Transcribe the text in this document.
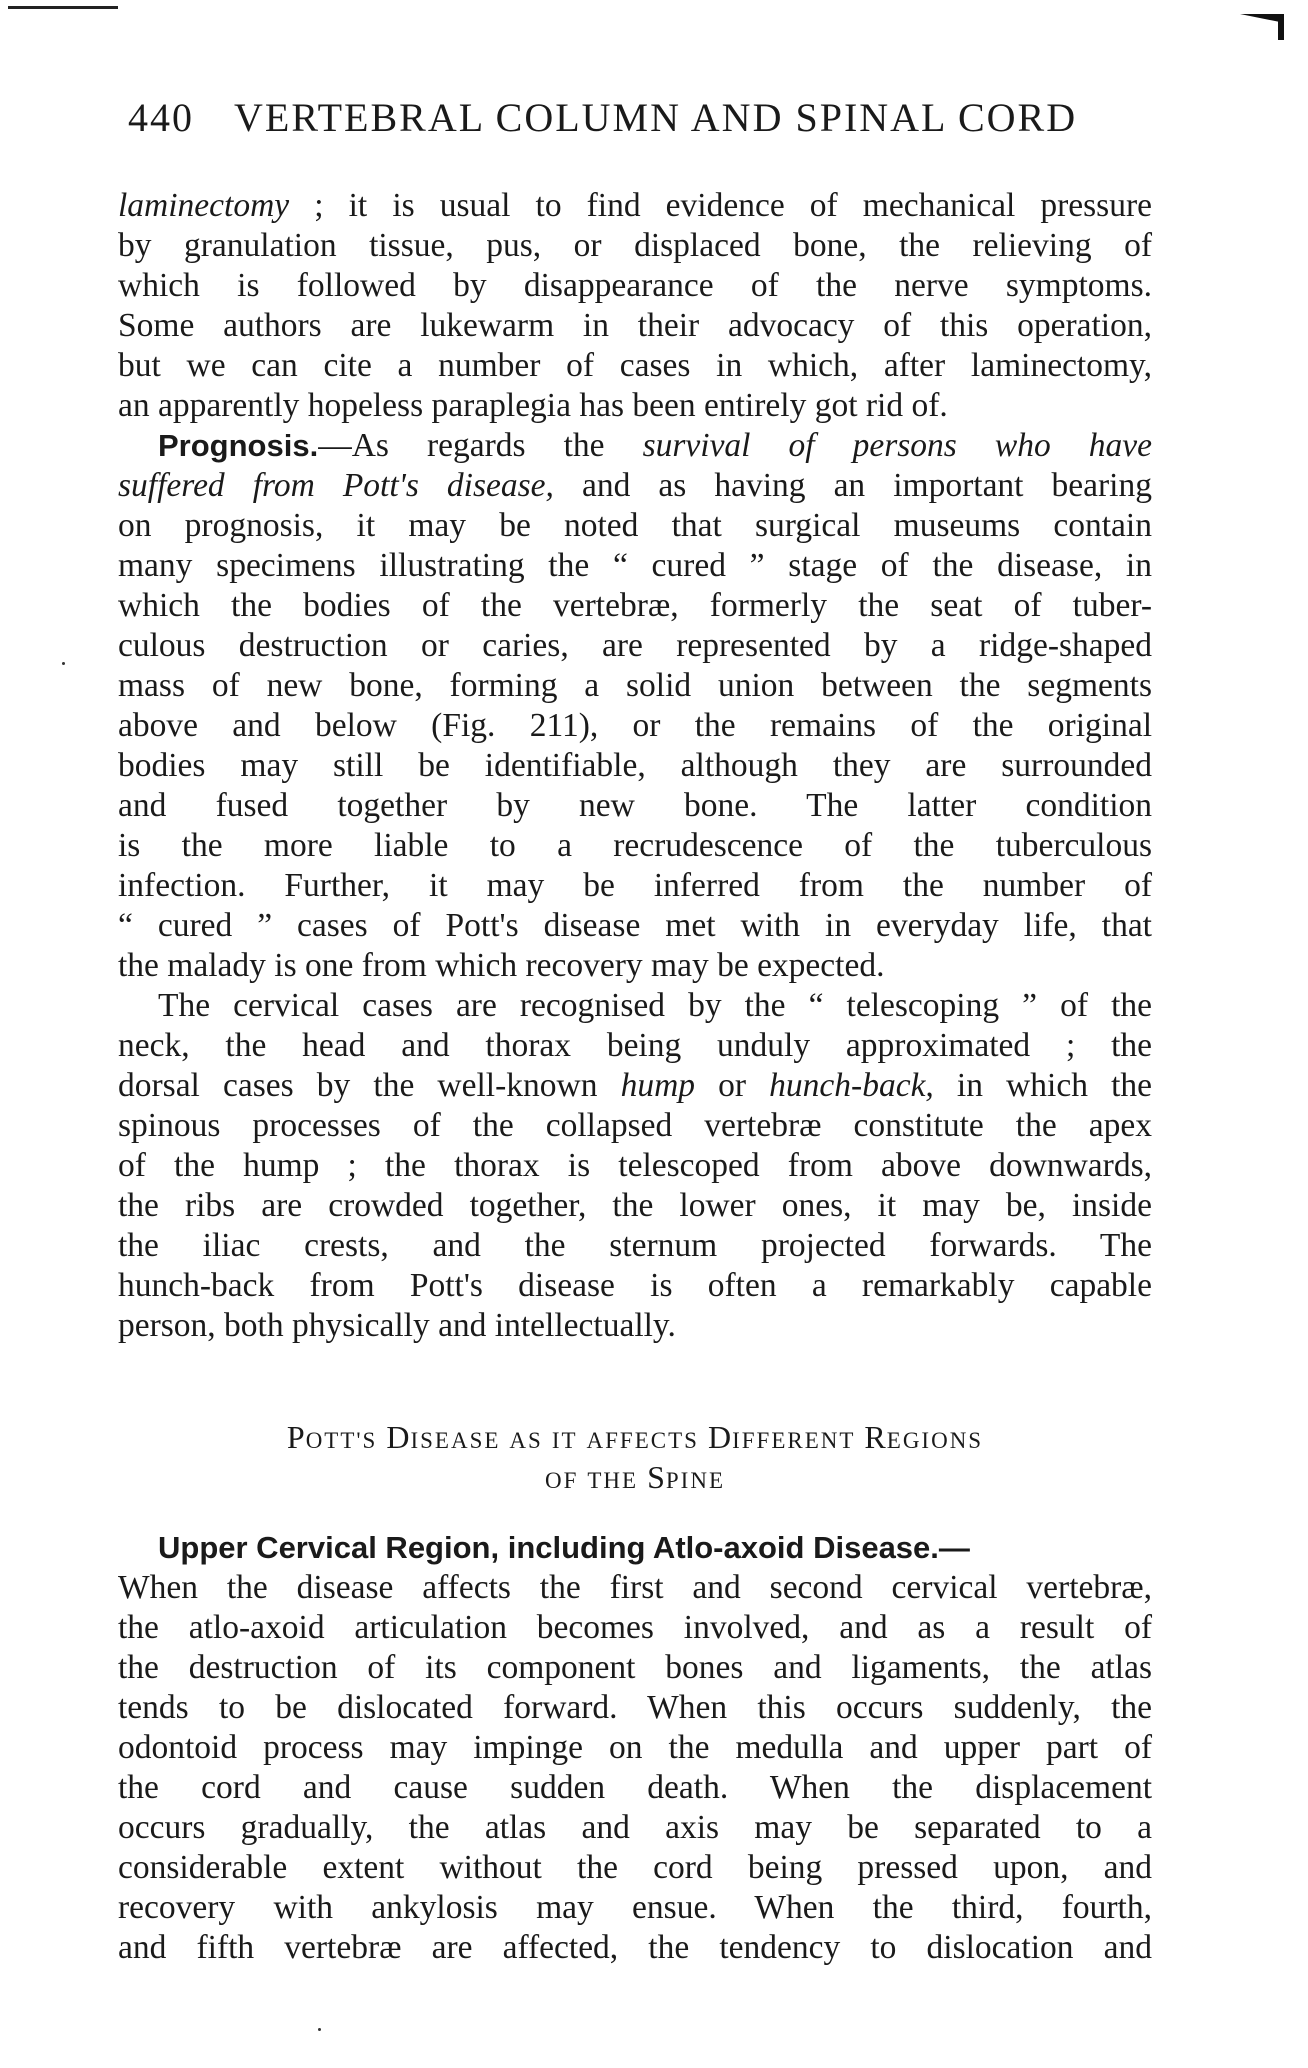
440 VERTEBRAL COLUMN AND SPINAL CORD
laminectomy ; it is usual to find evidence of mechanical pressure
by granulation tissue, pus, or displaced bone, the relieving of
which is followed by disappearance of the nerve symptoms.
Some authors are lukewarm in their advocacy of this operation,
but we can cite a number of cases in which, after laminectomy,
an apparently hopeless paraplegia has been entirely got rid of.
Prognosis.—As regards the survival of persons who have
suffered from Pott's disease, and as having an important bearing
on prognosis, it may be noted that surgical museums contain
many specimens illustrating the “ cured ” stage of the disease, in
which the bodies of the vertebræ, formerly the seat of tuber-
culous destruction or caries, are represented by a ridge-shaped
mass of new bone, forming a solid union between the segments
above and below (Fig. 211), or the remains of the original
bodies may still be identifiable, although they are surrounded
and fused together by new bone. The latter condition
is the more liable to a recrudescence of the tuberculous
infection. Further, it may be inferred from the number of
“ cured ” cases of Pott's disease met with in everyday life, that
the malady is one from which recovery may be expected.
The cervical cases are recognised by the “ telescoping ” of the
neck, the head and thorax being unduly approximated ; the
dorsal cases by the well-known hump or hunch-back, in which the
spinous processes of the collapsed vertebræ constitute the apex
of the hump ; the thorax is telescoped from above downwards,
the ribs are crowded together, the lower ones, it may be, inside
the iliac crests, and the sternum projected forwards. The
hunch-back from Pott's disease is often a remarkably capable
person, both physically and intellectually.
POTT'S DISEASE AS IT AFFECTS DIFFERENT REGIONS
OF THE SPINE
Upper Cervical Region, including Atlo-axoid Disease.—
When the disease affects the first and second cervical vertebræ,
the atlo-axoid articulation becomes involved, and as a result of
the destruction of its component bones and ligaments, the atlas
tends to be dislocated forward. When this occurs suddenly, the
odontoid process may impinge on the medulla and upper part of
the cord and cause sudden death. When the displacement
occurs gradually, the atlas and axis may be separated to a
considerable extent without the cord being pressed upon, and
recovery with ankylosis may ensue. When the third, fourth,
and fifth vertebræ are affected, the tendency to dislocation and
